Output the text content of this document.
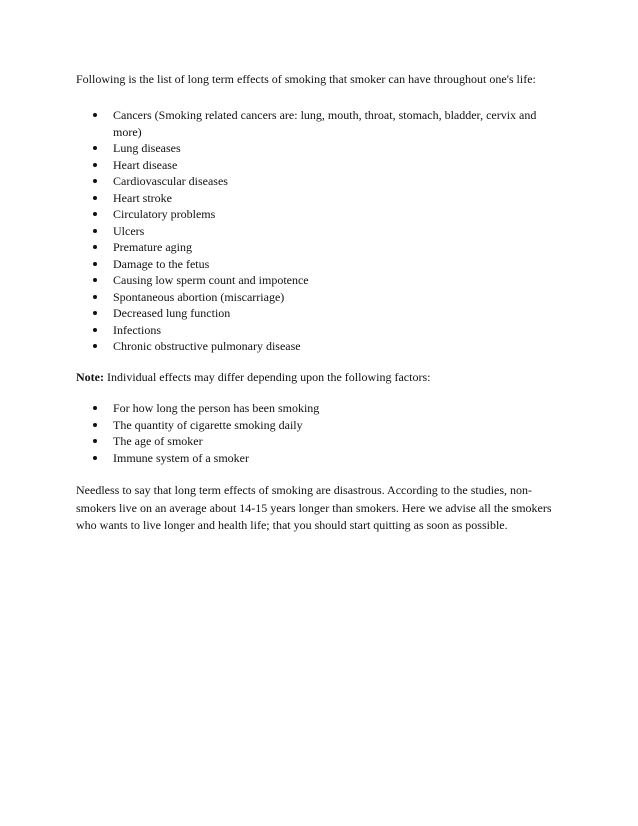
Following is the list of long term effects of smoking that smoker can have throughout one's life:

Cancers (Smoking related cancers are: lung, mouth, throat, stomach, bladder, cervix and more)
Lung diseases
Heart disease
Cardiovascular diseases
Heart stroke
Circulatory problems
Ulcers
Premature aging
Damage to the fetus
Causing low sperm count and impotence
Spontaneous abortion (miscarriage)
Decreased lung function
Infections
Chronic obstructive pulmonary disease

Note: Individual effects may differ depending upon the following factors:

For how long the person has been smoking
The quantity of cigarette smoking daily
The age of smoker
Immune system of a smoker

Needless to say that long term effects of smoking are disastrous. According to the studies, non-smokers live on an average about 14-15 years longer than smokers. Here we advise all the smokers who wants to live longer and health life; that you should start quitting as soon as possible.
